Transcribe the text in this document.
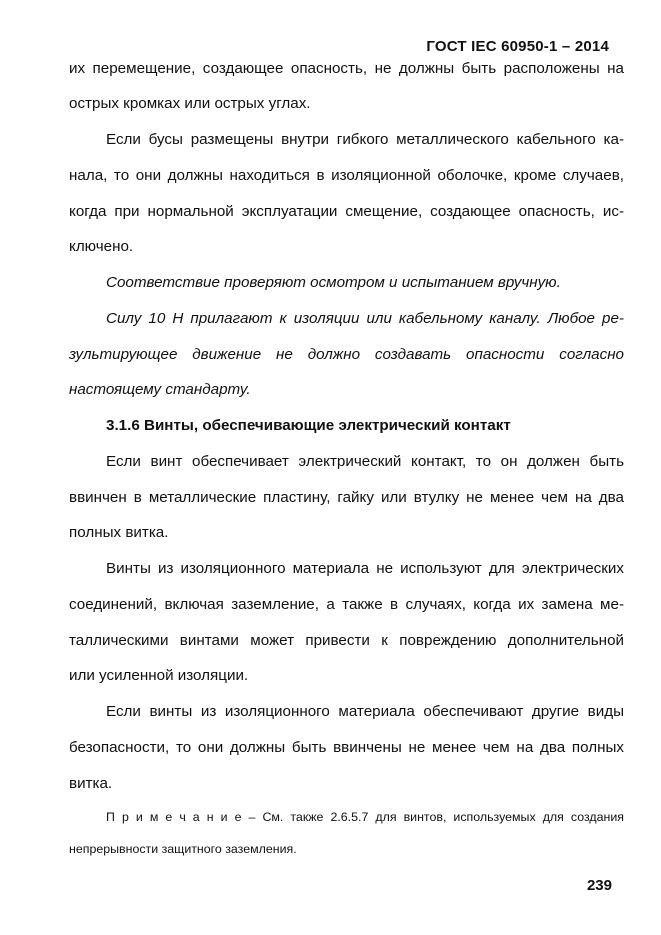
ГОСТ IEC 60950-1 – 2014
их перемещение, создающее опасность, не должны быть расположены на
острых кромках или острых углах.
Если бусы размещены внутри гибкого металлического кабельного ка-
нала, то они должны находиться в изоляционной оболочке, кроме случаев,
когда при нормальной эксплуатации смещение, создающее опасность, ис-
ключено.
Соответствие проверяют осмотром и испытанием вручную.
Силу 10 Н прилагают к изоляции или кабельному каналу. Любое ре-
зультирующее движение не должно создавать опасности согласно
настоящему стандарту.
3.1.6 Винты, обеспечивающие электрический контакт
Если винт обеспечивает электрический контакт, то он должен быть
ввинчен в металлические пластину, гайку или втулку не менее чем на два
полных витка.
Винты из изоляционного материала не используют для электрических
соединений, включая заземление, а также в случаях, когда их замена ме-
таллическими винтами может привести к повреждению дополнительной
или усиленной изоляции.
Если винты из изоляционного материала обеспечивают другие виды
безопасности, то они должны быть ввинчены не менее чем на два полных
витка.
П р и м е ч а н и е – См. также 2.6.5.7 для винтов, используемых для создания
непрерывности защитного заземления.
239
